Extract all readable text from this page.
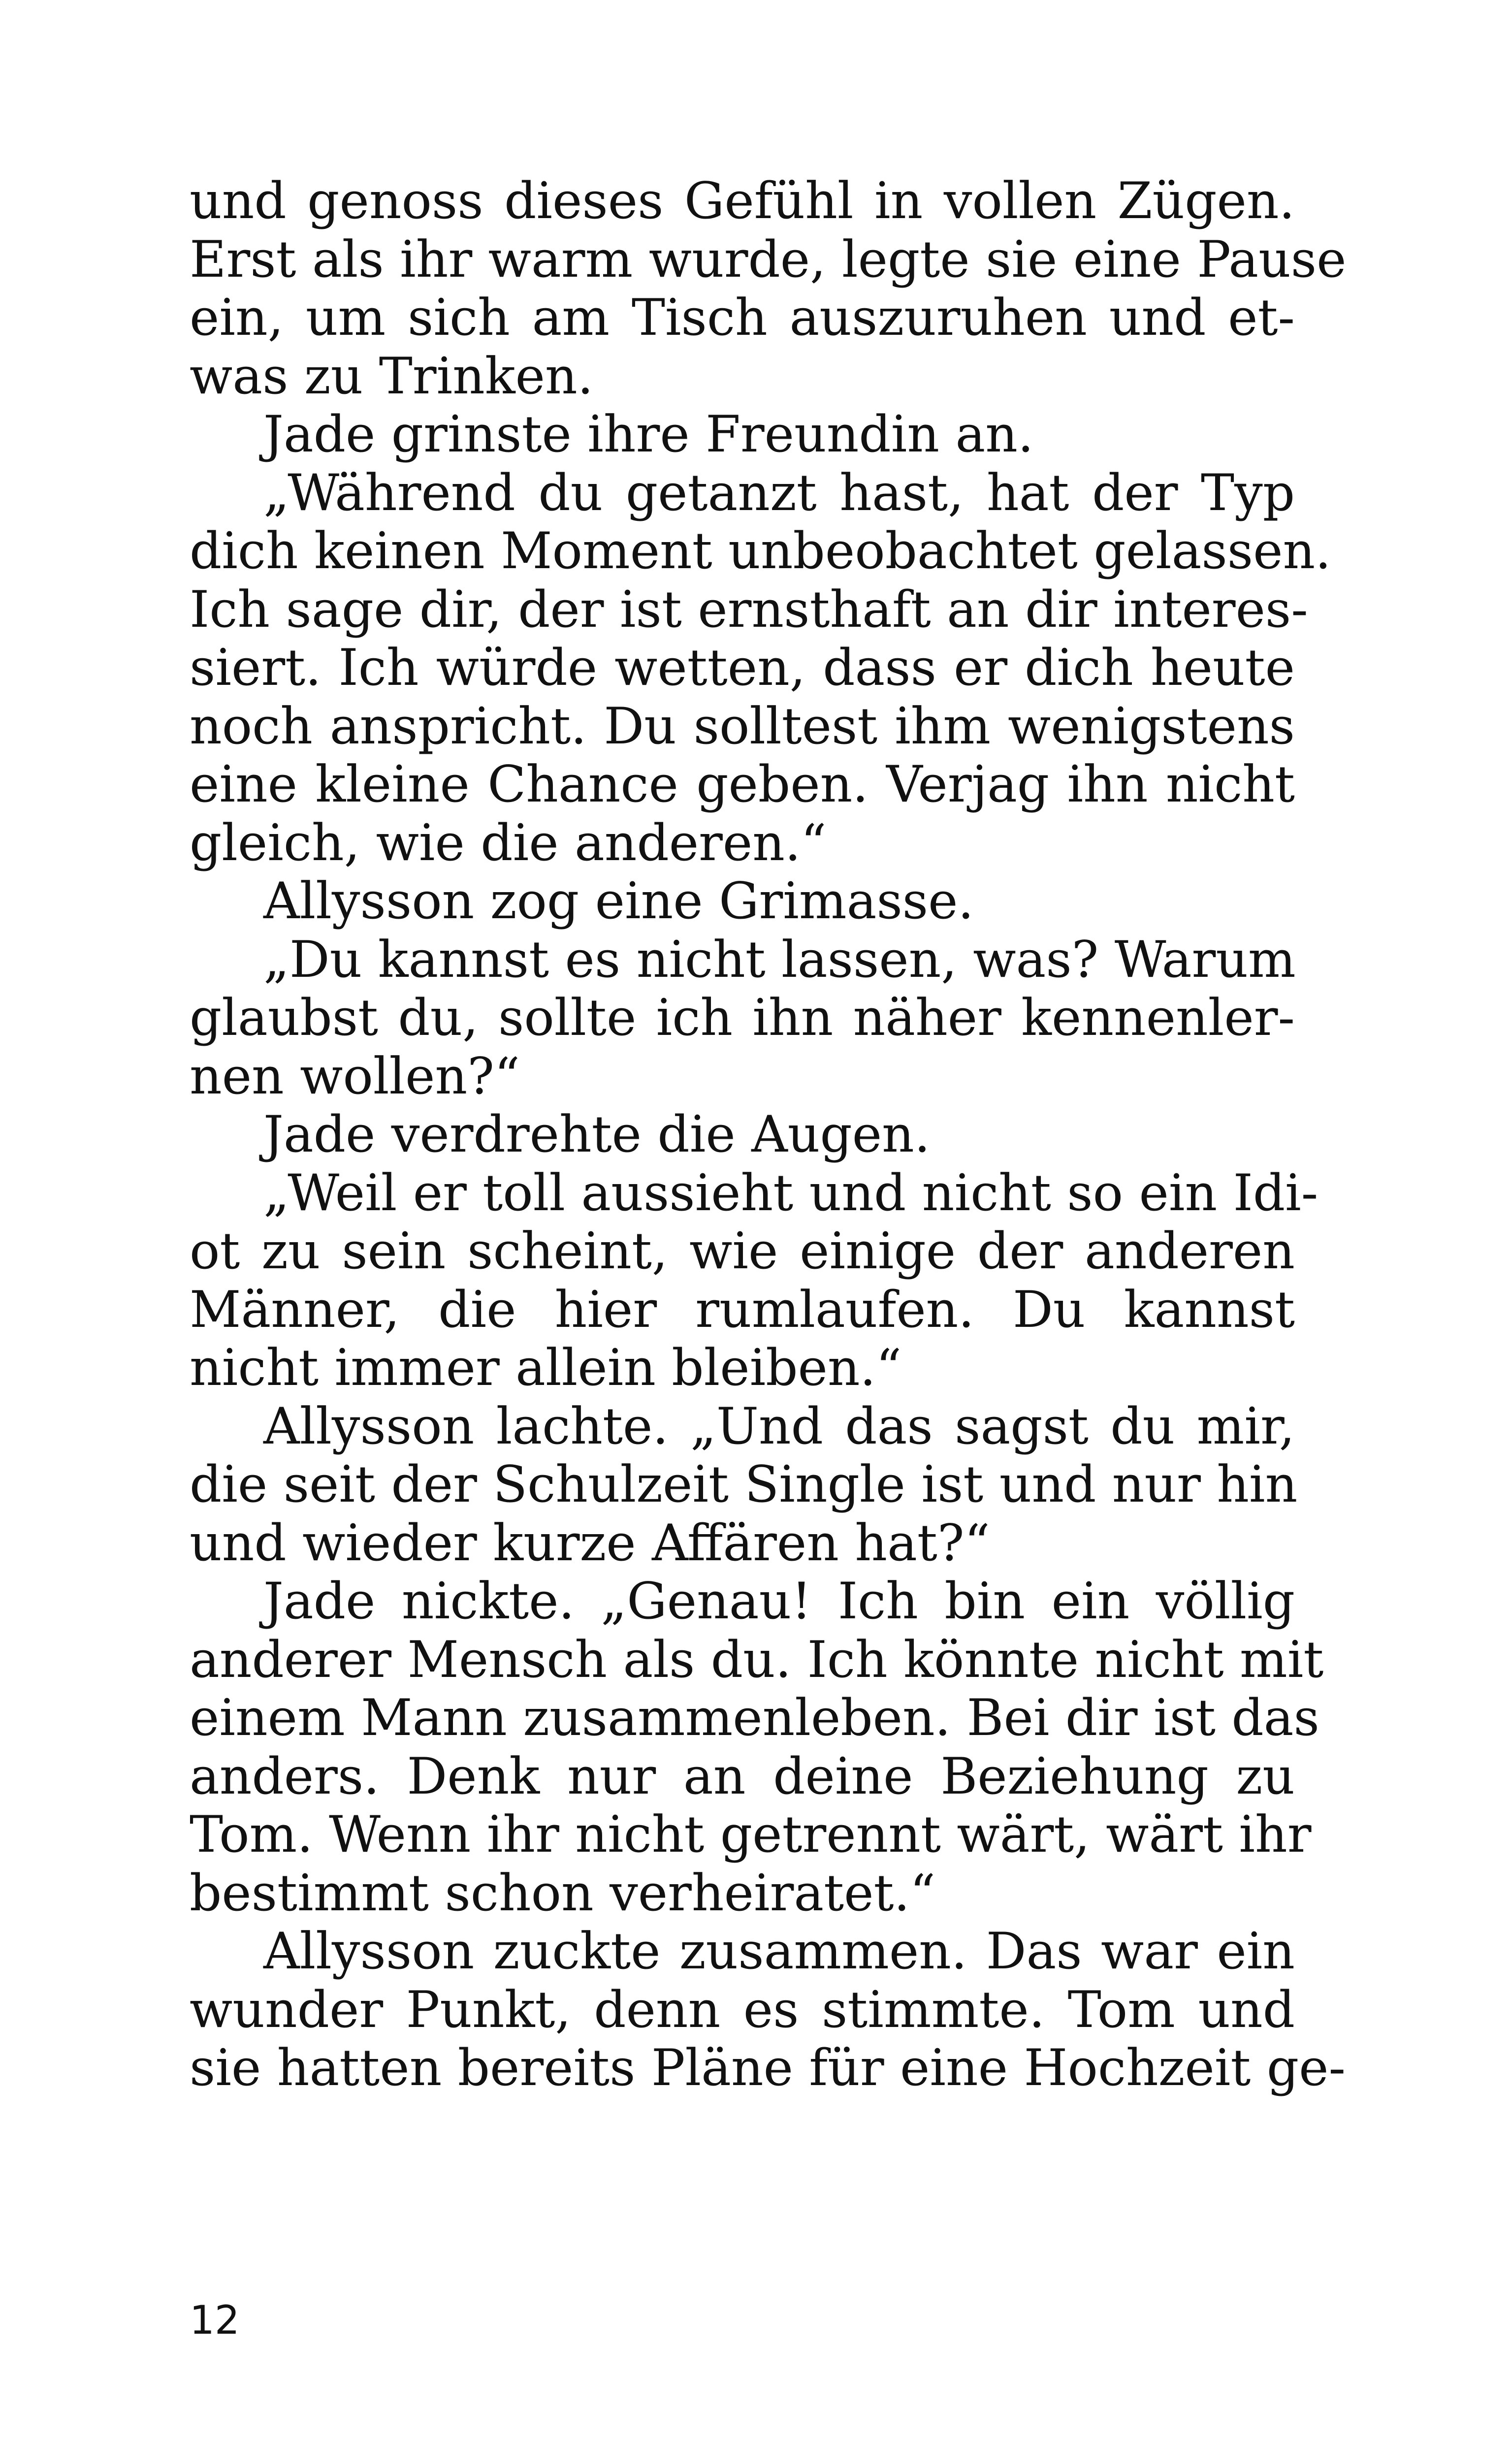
und genoss dieses Gefühl in vollen Zügen.
Erst als ihr warm wurde, legte sie eine Pause
ein, um sich am Tisch auszuruhen und et-
was zu Trinken.
Jade grinste ihre Freundin an.
„Während du getanzt hast, hat der Typ
dich keinen Moment unbeobachtet gelassen.
Ich sage dir, der ist ernsthaft an dir interes-
siert. Ich würde wetten, dass er dich heute
noch anspricht. Du solltest ihm wenigstens
eine kleine Chance geben. Verjag ihn nicht
gleich, wie die anderen.“
Allysson zog eine Grimasse.
„Du kannst es nicht lassen, was? Warum
glaubst du, sollte ich ihn näher kennenler-
nen wollen?“
Jade verdrehte die Augen.
„Weil er toll aussieht und nicht so ein Idi-
ot zu sein scheint, wie einige der anderen
Männer, die hier rumlaufen. Du kannst
nicht immer allein bleiben.“
Allysson lachte. „Und das sagst du mir,
die seit der Schulzeit Single ist und nur hin
und wieder kurze Affären hat?“
Jade nickte. „Genau! Ich bin ein völlig
anderer Mensch als du. Ich könnte nicht mit
einem Mann zusammenleben. Bei dir ist das
anders. Denk nur an deine Beziehung zu
Tom. Wenn ihr nicht getrennt wärt, wärt ihr
bestimmt schon verheiratet.“
Allysson zuckte zusammen. Das war ein
wunder Punkt, denn es stimmte. Tom und
sie hatten bereits Pläne für eine Hochzeit ge-
12
